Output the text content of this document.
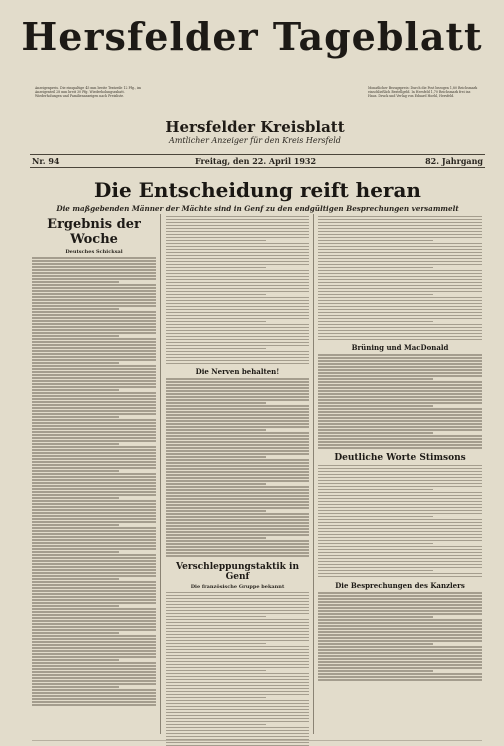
Hersfelder Tageblatt
Anzeigenpreis. Die einspaltige 45 mm breite Textzeile 12 Pfg., im Anzeigenteil 28 mm breit 30 Pfg. Wiederholungsrabatt. Wiederholungen und Familienanzeigen nach Preisliste.
Monatlicher Bezugspreis: Durch die Post bezogen 1,80 Reichsmark einschließlich Bestellgeld. In Hersfeld 1,70 Reichsmark frei ins Haus. Druck und Verlag von Eduard Hoehl, Hersfeld.
Hersfelder Kreisblatt
Amtlicher Anzeiger für den Kreis Hersfeld
Nr. 94	Freitag, den 22. April 1932	82. Jahrgang
Die Entscheidung reift heran
Die maßgebenden Männer der Mächte sind in Genf zu den endgültigen Besprechungen versammelt
Ergebnis der Woche
Deutsches Schicksal
Die Nerven behalten!
Verschleppungstaktik in Genf
Die französische Gruppe bekannt
Brüning und MacDonald
Deutliche Worte Stimsons
Die Besprechungen des Kanzlers
